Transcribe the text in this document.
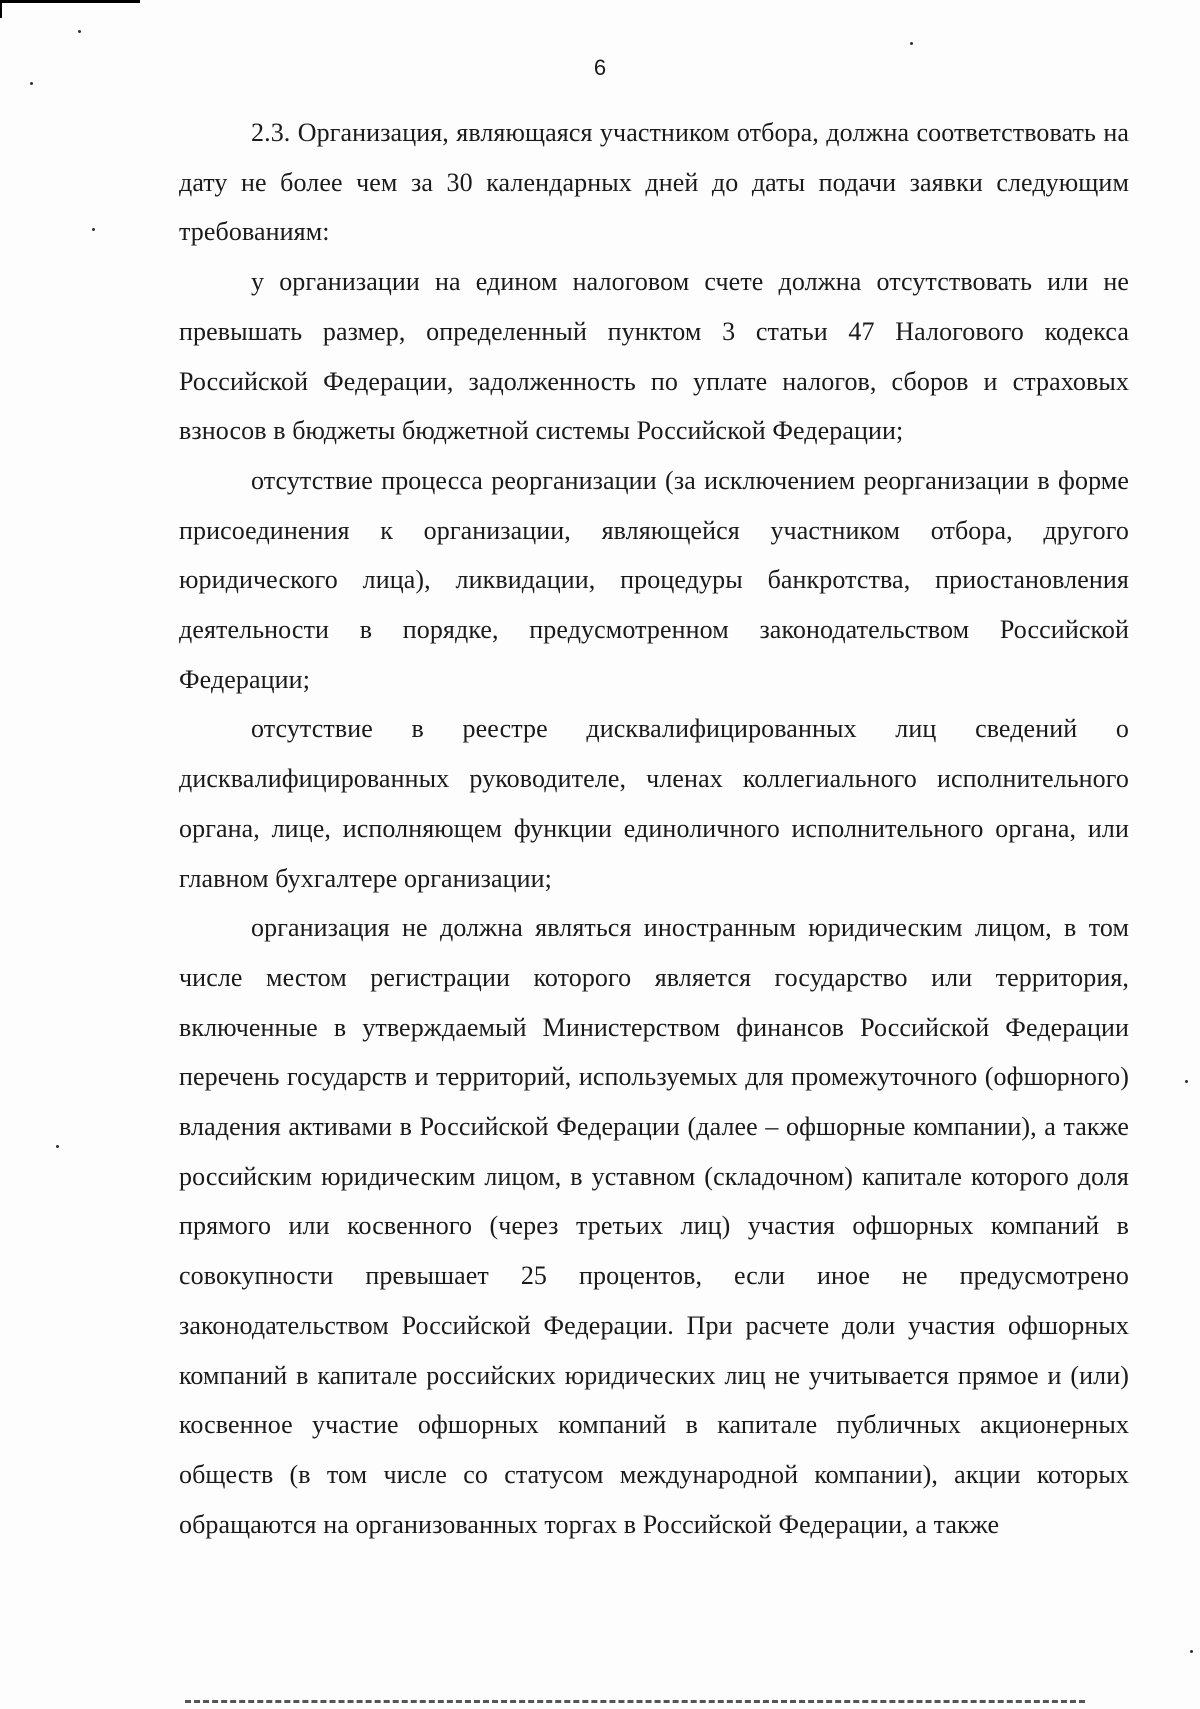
6

2.3. Организация, являющаяся участником отбора, должна соответствовать на дату не более чем за 30 календарных дней до даты подачи заявки следующим требованиям:

у организации на едином налоговом счете должна отсутствовать или не превышать размер, определенный пунктом 3 статьи 47 Налогового кодекса Российской Федерации, задолженность по уплате налогов, сборов и страховых взносов в бюджеты бюджетной системы Российской Федерации;

отсутствие процесса реорганизации (за исключением реорганизации в форме присоединения к организации, являющейся участником отбора, другого юридического лица), ликвидации, процедуры банкротства, приостановления деятельности в порядке, предусмотренном законодательством Российской Федерации;

отсутствие в реестре дисквалифицированных лиц сведений о дисквалифицированных руководителе, членах коллегиального исполнительного органа, лице, исполняющем функции единоличного исполнительного органа, или главном бухгалтере организации;

организация не должна являться иностранным юридическим лицом, в том числе местом регистрации которого является государство или территория, включенные в утверждаемый Министерством финансов Российской Федерации перечень государств и территорий, используемых для промежуточного (офшорного) владения активами в Российской Федерации (далее – офшорные компании), а также российским юридическим лицом, в уставном (складочном) капитале которого доля прямого или косвенного (через третьих лиц) участия офшорных компаний в совокупности превышает 25 процентов, если иное не предусмотрено законодательством Российской Федерации. При расчете доли участия офшорных компаний в капитале российских юридических лиц не учитывается прямое и (или) косвенное участие офшорных компаний в капитале публичных акционерных обществ (в том числе со статусом международной компании), акции которых обращаются на организованных торгах в Российской Федерации, а также
